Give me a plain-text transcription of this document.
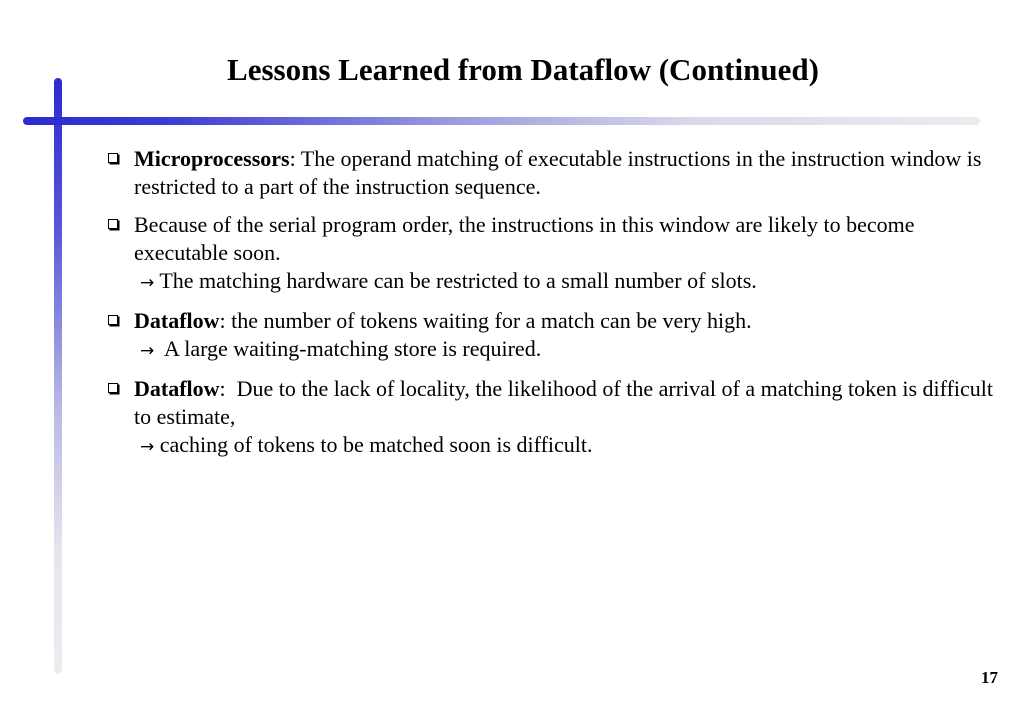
Lessons Learned from Dataflow (Continued)
Microprocessors: The operand matching of executable instructions in the instruction window is restricted to a part of the instruction sequence.
Because of the serial program order, the instructions in this window are likely to become executable soon.
→ The matching hardware can be restricted to a small number of slots.
Dataflow: the number of tokens waiting for a match can be very high.
→  A large waiting-matching store is required.
Dataflow:  Due to the lack of locality, the likelihood of the arrival of a matching token is difficult to estimate,
→ caching of tokens to be matched soon is difficult.
17
